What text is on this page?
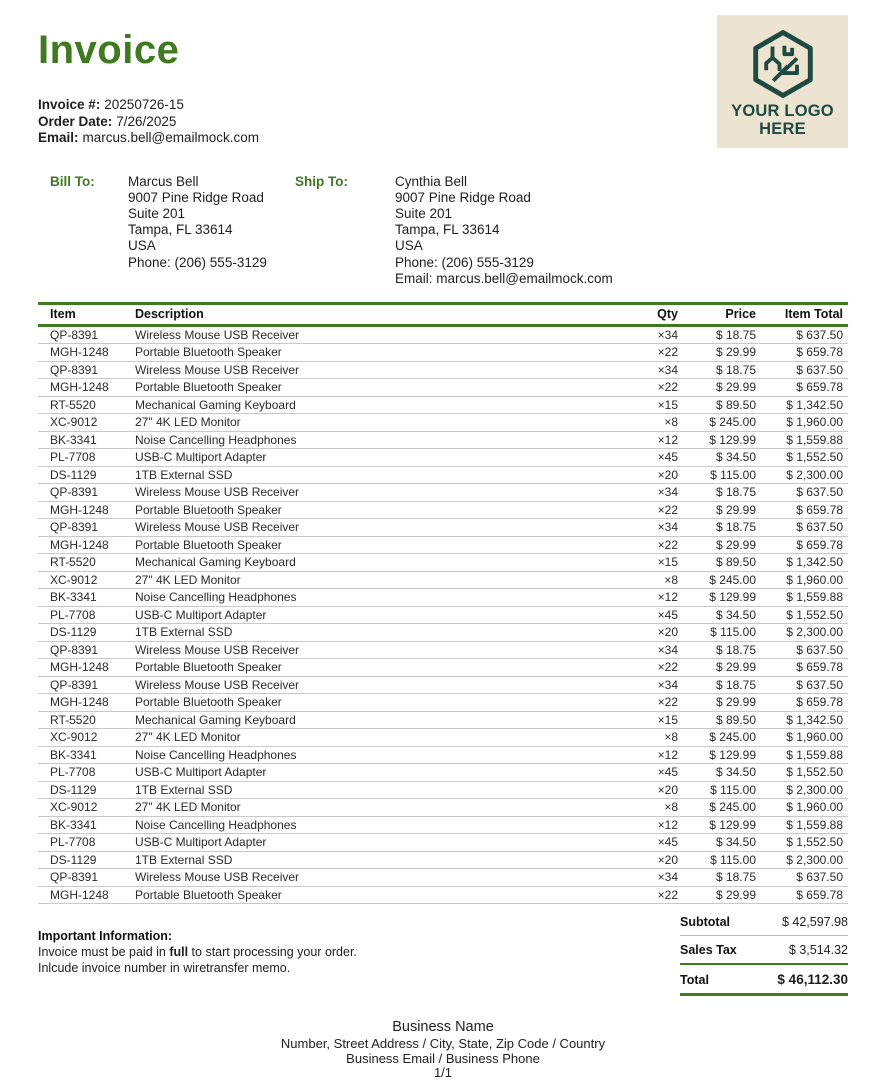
Invoice
YOUR LOGO
HERE
Invoice #: 20250726-15
Order Date: 7/26/2025
Email: marcus.bell@emailmock.com
Bill To:	Marcus Bell
9007 Pine Ridge Road
Suite 201
Tampa, FL 33614
USA
Phone: (206) 555-3129
Ship To:	Cynthia Bell
9007 Pine Ridge Road
Suite 201
Tampa, FL 33614
USA
Phone: (206) 555-3129
Email: marcus.bell@emailmock.com
Item	Description	Qty	Price	Item Total
QP-8391	Wireless Mouse USB Receiver	×34	$ 18.75	$ 637.50
MGH-1248	Portable Bluetooth Speaker	×22	$ 29.99	$ 659.78
QP-8391	Wireless Mouse USB Receiver	×34	$ 18.75	$ 637.50
MGH-1248	Portable Bluetooth Speaker	×22	$ 29.99	$ 659.78
RT-5520	Mechanical Gaming Keyboard	×15	$ 89.50	$ 1,342.50
XC-9012	27" 4K LED Monitor	×8	$ 245.00	$ 1,960.00
BK-3341	Noise Cancelling Headphones	×12	$ 129.99	$ 1,559.88
PL-7708	USB-C Multiport Adapter	×45	$ 34.50	$ 1,552.50
DS-1129	1TB External SSD	×20	$ 115.00	$ 2,300.00
QP-8391	Wireless Mouse USB Receiver	×34	$ 18.75	$ 637.50
MGH-1248	Portable Bluetooth Speaker	×22	$ 29.99	$ 659.78
QP-8391	Wireless Mouse USB Receiver	×34	$ 18.75	$ 637.50
MGH-1248	Portable Bluetooth Speaker	×22	$ 29.99	$ 659.78
RT-5520	Mechanical Gaming Keyboard	×15	$ 89.50	$ 1,342.50
XC-9012	27" 4K LED Monitor	×8	$ 245.00	$ 1,960.00
BK-3341	Noise Cancelling Headphones	×12	$ 129.99	$ 1,559.88
PL-7708	USB-C Multiport Adapter	×45	$ 34.50	$ 1,552.50
DS-1129	1TB External SSD	×20	$ 115.00	$ 2,300.00
QP-8391	Wireless Mouse USB Receiver	×34	$ 18.75	$ 637.50
MGH-1248	Portable Bluetooth Speaker	×22	$ 29.99	$ 659.78
QP-8391	Wireless Mouse USB Receiver	×34	$ 18.75	$ 637.50
MGH-1248	Portable Bluetooth Speaker	×22	$ 29.99	$ 659.78
RT-5520	Mechanical Gaming Keyboard	×15	$ 89.50	$ 1,342.50
XC-9012	27" 4K LED Monitor	×8	$ 245.00	$ 1,960.00
BK-3341	Noise Cancelling Headphones	×12	$ 129.99	$ 1,559.88
PL-7708	USB-C Multiport Adapter	×45	$ 34.50	$ 1,552.50
DS-1129	1TB External SSD	×20	$ 115.00	$ 2,300.00
XC-9012	27" 4K LED Monitor	×8	$ 245.00	$ 1,960.00
BK-3341	Noise Cancelling Headphones	×12	$ 129.99	$ 1,559.88
PL-7708	USB-C Multiport Adapter	×45	$ 34.50	$ 1,552.50
DS-1129	1TB External SSD	×20	$ 115.00	$ 2,300.00
QP-8391	Wireless Mouse USB Receiver	×34	$ 18.75	$ 637.50
MGH-1248	Portable Bluetooth Speaker	×22	$ 29.99	$ 659.78
Important Information:
Invoice must be paid in full to start processing your order.
Inlcude invoice number in wiretransfer memo.
Subtotal	$ 42,597.98
Sales Tax	$ 3,514.32
Total	$ 46,112.30
Business Name
Number, Street Address / City, State, Zip Code / Country
Business Email / Business Phone
1/1
